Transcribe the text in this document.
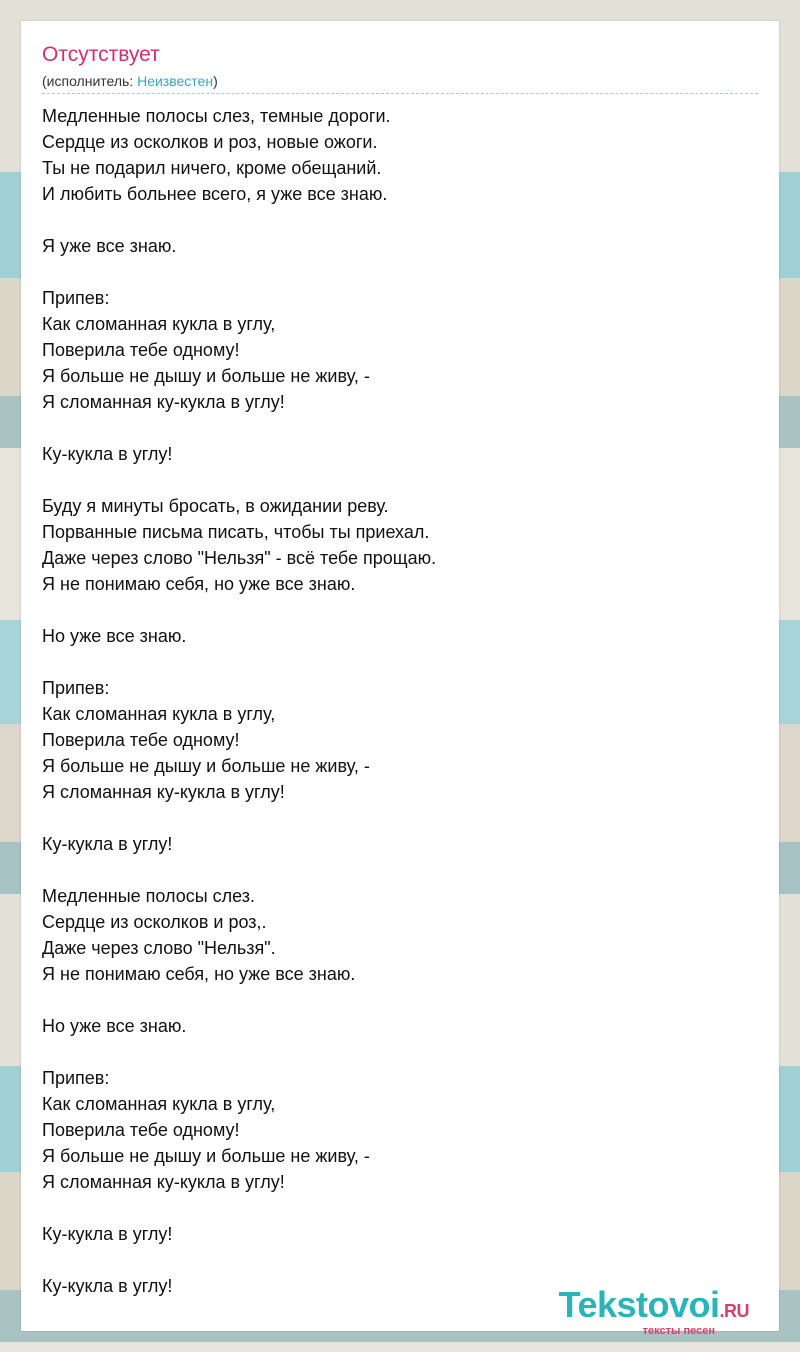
Отсутствует
(исполнитель: Неизвестен)
Медленные полосы слез, темные дороги.
Сердце из осколков и роз, новые ожоги.
Ты не подарил ничего, кроме обещаний.
И любить больнее всего, я уже все знаю.
Я уже все знаю.
Припев:
Как сломанная кукла в углу,
Поверила тебе одному!
Я больше не дышу и больше не живу, -
Я сломанная ку-кукла в углу!
Ку-кукла в углу!
Буду я минуты бросать, в ожидании реву.
Порванные письма писать, чтобы ты приехал.
Даже через слово "Нельзя" - всё тебе прощаю.
Я не понимаю себя, но уже все знаю.
Но уже все знаю.
Припев:
Как сломанная кукла в углу,
Поверила тебе одному!
Я больше не дышу и больше не живу, -
Я сломанная ку-кукла в углу!
Ку-кукла в углу!
Медленные полосы слез.
Сердце из осколков и роз,.
Даже через слово "Нельзя".
Я не понимаю себя, но уже все знаю.
Но уже все знаю.
Припев:
Как сломанная кукла в углу,
Поверила тебе одному!
Я больше не дышу и больше не живу, -
Я сломанная ку-кукла в углу!
Ку-кукла в углу!
Ку-кукла в углу!	Tekstovoi.RU
тексты песен
